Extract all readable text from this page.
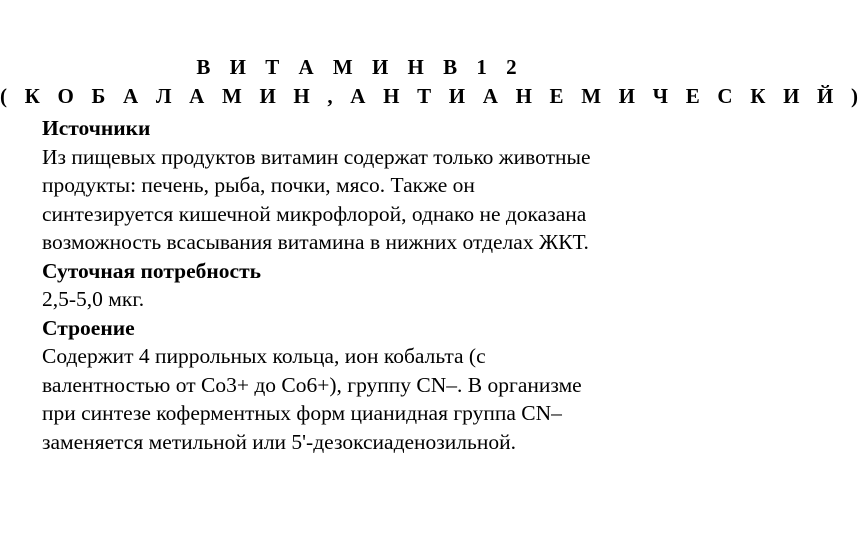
В И Т А М И Н В 1 2
( К О Б А Л А М И Н , А Н Т И А Н Е М И Ч Е С К И Й )

Источники

Из пищевых продуктов витамин содержат только животные

продукты: печень, рыба, почки, мясо. Также он

синтезируется кишечной микрофлорой, однако не доказана

возможность всасывания витамина в нижних отделах ЖКТ.

Суточная потребность

2,5-5,0 мкг.

Строение

Содержит 4 пиррольных кольца, ион кобальта (с

валентностью от Co3+ до Co6+), группу CN–. В организме

при синтезе коферментных форм цианидная группа CN–

заменяется метильной или 5'-дезоксиаденозильной.
